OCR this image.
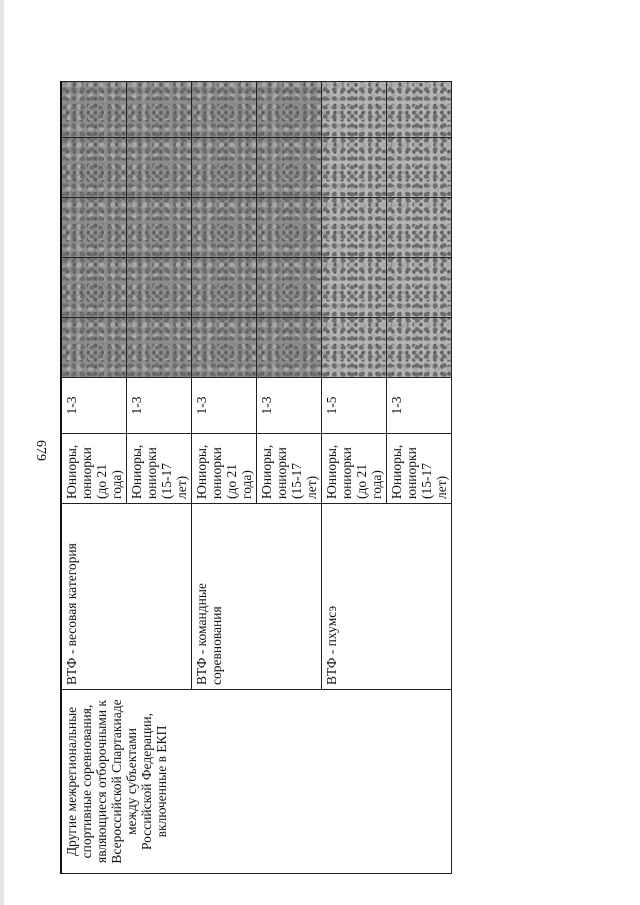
679
Другие межрегиональные спортивные соревнования, являющиеся отборочными к Всероссийской Спартакиаде между субъектами Российской Федерации, включенные в ЕКП	ВТФ - весовая категория	Юниоры, юниорки (до 21 года)	1-3					

		Юниоры, юниорки (15-17 лет)	1-3					

	ВТФ - командные соревнования	Юниоры, юниорки (до 21 года)	1-3					

		Юниоры, юниорки (15-17 лет)	1-3					

	ВТФ - пхумсэ	Юниоры, юниорки (до 21 года)	1-5					

		Юниоры, юниорки (15-17 лет)	1-3					
